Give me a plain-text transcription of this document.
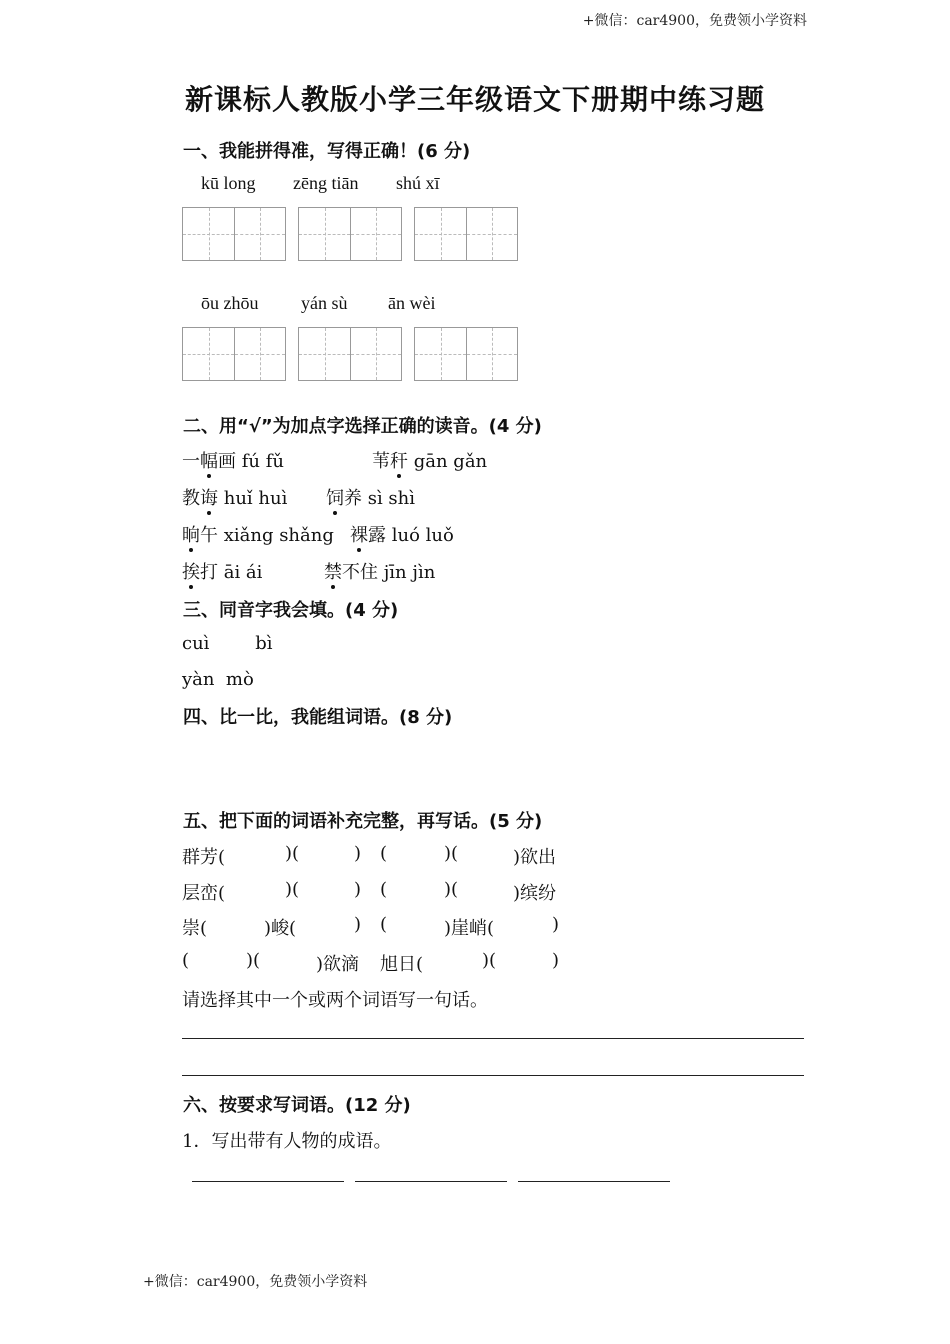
+微信：car4900，免费领小学资料
新课标人教版小学三年级语文下册期中练习题
一、我能拼得准，写得正确！(6 分)
kū long zēng tiān shú xī
ōu zhōu yán sù ān wèi
二、用“√”为加点字选择正确的读音。(4 分)
一幅画 fú fǔ	苇秆 gān gǎn
教诲 huǐ huì 饲养 sì shì
晌午 xiǎng shǎng 裸露 luó luǒ
挨打 āi ái	禁不住 jīn jìn
三、同音字我会填。(4 分)
cuì        bì
yàn  mò
四、比一比，我能组词语。(8 分)
五、把下面的词语补充完整，再写话。(5 分)
群芳(	)(	) (	)(	)欲出
层峦(	)(	) (	)(	)缤纷
崇(	)峻(	) (	)崖峭(	)
(	)(	)欲滴 旭日(	)(	)
请选择其中一个或两个词语写一句话。
六、按要求写词语。(12 分)
1．写出带有人物的成语。
+微信：car4900，免费领小学资料
